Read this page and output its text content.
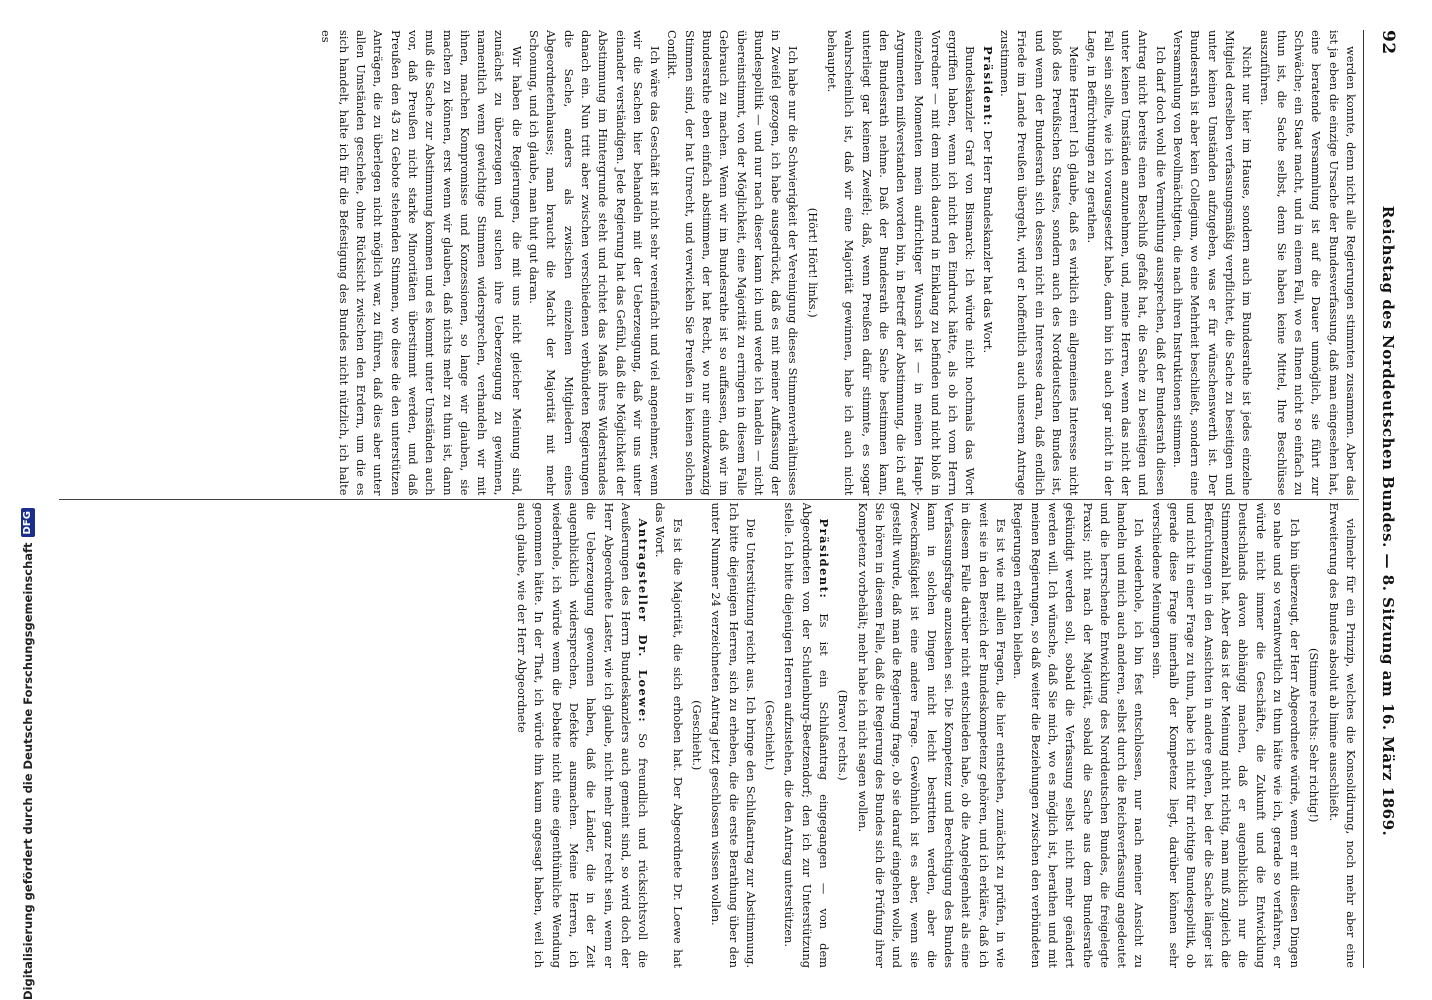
92
Reichstag des Norddeutschen Bundes. — 8. Sitzung am 16. März 1869.

werden konnte, denn nicht alle Regierungen stimmten zusammen. Aber das ist ja eben die einzige Ursache der Bundesverfassung, daß man eingesehen hat, eine beratende Versammlung ist auf die Dauer unmöglich, sie führt zur Schwäche; ein Staat macht, und in einem Fall, wo es Ihnen nicht so einfach zu thun ist, die Sache selbst, denn Sie haben keine Mittel, Ihre Beschlüsse auszuführen.

Nicht nur hier im Hause, sondern auch im Bundesrathe ist jedes einzelne Mitglied derselben verfassungsmäßig verpflichtet, die Sache zu beseitigen und unter keinen Umständen aufzugeben, was er für wünschenswerth ist. Der Bundesrath ist aber kein Collegium, wo eine Mehrheit beschließt, sondern eine Versammlung von Bevollmächtigten, die nach ihren Instruktionen stimmen.

Ich darf doch wohl die Vermuthung aussprechen, daß der Bundesrath diesen Antrag nicht bereits einen Beschluß gefaßt hat, die Sache zu beseitigen und unter keinen Umständen anzunehmen, und, meine Herren, wenn das nicht der Fall sein sollte, wie ich vorausgesetzt habe, dann bin ich auch gar nicht in der Lage, in Befürchtungen zu gerathen.

Meine Herren! Ich glaube, daß es wirklich ein allgemeines Interesse nicht bloß des Preußischen Staates, sondern auch des Norddeutschen Bundes ist, und wenn der Bundesrath sich dessen nicht ein Interesse daran, daß endlich Friede im Lande Preußen übergeht, wird er hoffentlich auch unserem Antrage zustimmen.

Präsident: Der Herr Bundeskanzler hat das Wort.

Bundeskanzler Graf von Bismarck: Ich würde nicht nochmals das Wort ergriffen haben, wenn ich nicht den Eindruck hätte, als ob ich vom Herrn Vorredner — mit dem mich dauernd in Einklang zu befinden und nicht bloß in einzelnen Momenten mein aufrichtiger Wunsch ist — in meinen Haupt-Argumenten mißverstanden worden bin, in Betreff der Abstimmung, die ich auf den Bundesrath nehme. Daß der Bundesrath die Sache bestimmen kann, unterliegt gar keinem Zweifel; daß, wenn Preußen dafür stimmte, es sogar wahrscheinlich ist, daß wir eine Majorität gewinnen, habe ich auch nicht behauptet.

(Hört! Hört! links.)

Ich habe nur die Schwierigkeit der Vereinigung dieses Stimmenverhältnisses in Zweifel gezogen, ich habe ausgedrückt, daß es mit meiner Auffassung der Bundespolitik — und nur nach dieser kann ich und werde ich handeln — nicht übereinstimmt, von der Möglichkeit, eine Majorität zu erringen in diesem Falle Gebrauch zu machen. Wenn wir im Bundesrathe ist so auffassen, daß wir im Bundesrathe eben einfach abstimmen, der hat Recht, wo nur einundzwanzig Stimmen sind, der hat Unrecht, und verwickeln Sie Preußen in keinen solchen Conflikt.

Ich wäre das Geschäft ist nicht sehr vereinfacht und viel angenehmer, wenn wir die Sachen hier behandeln mit der Ueberzeugung, daß wir uns unter einander verständigen. Jede Regierung hat das Gefühl, daß die Möglichkeit der Abstimmung im Hintergrunde steht und richtet das Maaß ihres Widerstandes danach ein. Nun tritt aber zwischen verschiedenen verbündeten Regierungen die Sache, anders als zwischen einzelnen Mitgliedern eines Abgeordnetenhauses; man braucht die Macht der Majorität mit mehr Schonung, und ich glaube, man thut gut daran.

Wir haben die Regierungen, die mit uns nicht gleicher Meinung sind, zunächst zu überzeugen und suchen ihre Ueberzeugung zu gewinnen, namentlich wenn gewichtige Stimmen widersprechen, verhandeln wir mit ihnen, machen Kompromisse und Konzessionen, so lange wir glauben, sie machen zu können, erst wenn wir glauben, daß nichts mehr zu thun ist, dann muß die Sache zur Abstimmung kommen und es kommt unter Umständen auch vor, daß Preußen nicht starke Minoritäten überstimmt werden, und daß Preußen den 43 zu Gebote stehenden Stimmen, wo diese die den unterstützen Anträgen, die zu überlegen nicht möglich war, zu führen, daß dies aber unter allen Umständen geschehe, ohne Rücksicht zwischen den Erdern, um die es sich handelt, halte ich für die Befestigung des Bundes nicht nützlich, ich halte es

vielmehr für ein Prinzip, welches die Konsolidirung, noch mehr aber eine Erweiterung des Bundes absolut ab limine ausschließt.

(Stimme rechts: Sehr richtig!)

Ich bin überzeugt, der Herr Abgeordnete würde, wenn er mit diesen Dingen so nahe und so verantwortlich zu thun hätte wie ich, gerade so verfahren, er würde nicht immer die Geschäfte, die Zukunft und die Entwicklung Deutschlands davon abhängig machen, daß er augenblicklich nur die Stimmenzahl hat. Aber das ist der Meinung nicht richtig, man muß zugleich die Befürchtungen in den Ansichten in andere gehen, bei der die Sache länger ist und nicht in einer Frage zu thun, habe ich nicht für richtige Bundespolitik, ob gerade diese Frage innerhalb der Kompetenz liegt, darüber können sehr verschiedene Meinungen sein.

Ich wiederhole, ich bin fest entschlossen, nur nach meiner Ansicht zu handeln und mich auch anderen, selbst durch die Reichsverfassung angedeutet und die herrschende Entwicklung des Norddeutschen Bundes, die freigelegte Praxis; nicht nach der Majorität, sobald die Sache aus dem Bundesrathe gekündigt werden soll, sobald die Verfassung selbst nicht mehr geändert werden will. Ich wünsche, daß Sie mich, wo es möglich ist, berathen und mit meinen Regierungen, so daß weiter die Beziehungen zwischen den verbündeten Regierungen erhalten bleiben.

Es ist wie mit allen Fragen, die hier entstehen, zunächst zu prüfen, in wie weit sie in den Bereich der Bundeskompetenz gehören, und ich erkläre, daß ich in diesem Falle darüber nicht entschieden habe, ob die Angelegenheit als eine Verfassungsfrage anzusehen sei. Die Kompetenz und Berechtigung des Bundes kann in solchen Dingen nicht leicht bestritten werden, aber die Zweckmäßigkeit ist eine andere Frage. Gewöhnlich ist es aber, wenn sie gestellt wurde, daß man die Regierung frage, ob sie darauf eingehen wolle, und Sie hören in diesem Falle, daß die Regierung des Bundes sich die Prüfung ihrer Kompetenz vorbehält; mehr habe ich nicht sagen wollen.

(Bravo! rechts.)

Präsident: Es ist ein Schlußantrag eingegangen — von dem Abgeordneten von der Schulenburg-Beetzendorf; den ich zur Unterstützung stelle. Ich bitte diejenigen Herren aufzustehen, die den Antrag unterstützen.

(Geschieht.)

Die Unterstützung reicht aus. Ich bringe den Schlußantrag zur Abstimmung. Ich bitte diejenigen Herren, sich zu erheben, die die erste Berathung über den unter Nummer 24 verzeichneten Antrag jetzt geschlossen wissen wollen.

(Geschieht.)

Es ist die Majorität, die sich erhoben hat. Der Abgeordnete Dr. Loewe hat das Wort.

Antragsteller Dr. Loewe: So freundlich und rücksichtsvoll die Aeußerungen des Herrn Bundeskanzlers auch gemeint sind, so wird doch der Herr Abgeordnete Laster, wie ich glaube, nicht mehr ganz recht sein, wenn er die Ueberzeugung gewonnen haben, daß die Länder, die in der Zeit augenblicklich widersprechen, Defekte ausmachen. Meine Herren, ich wiederhole, ich würde wenn die Debatte nicht eine eigenthümliche Wendung genommen hätte. In der That, ich würde ihm kaum angesagt haben, weil ich auch glaube, wie der Herr Abgeordnete

Digitalisierung gefördert durch die Deutsche Forschungsgemeinschaft
DFG
